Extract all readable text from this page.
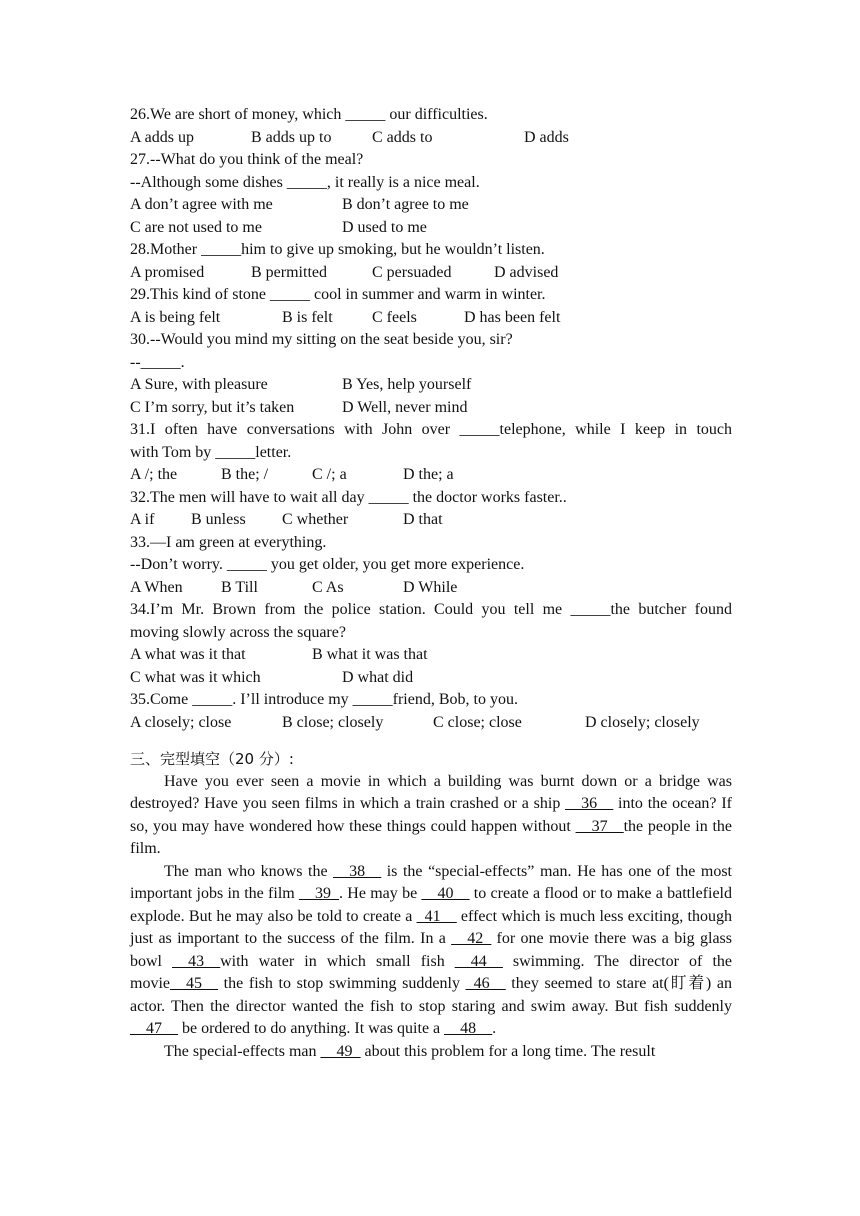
26.We are short of money, which _____ our difficulties.
A adds up	B adds up to	C adds to	D adds
27.--What do you think of the meal?
--Although some dishes _____, it really is a nice meal.
A don’t agree with me	B don’t agree to me
C are not used to me	D used to me
28.Mother _____him to give up smoking, but he wouldn’t listen.
A promised	B permitted	C persuaded	D advised
29.This kind of stone _____ cool in summer and warm in winter.
A is being felt	B is felt C feels	D has been felt
30.--Would you mind my sitting on the seat beside you, sir?
--_____.
A Sure, with pleasure	B Yes, help yourself
C I’m sorry, but it’s taken	D Well, never mind
31.I often have conversations with John over _____telephone, while I keep in touch
with Tom by _____letter.
A /; the	B the; /	C /; a	D the; a
32.The men will have to wait all day _____ the doctor works faster..
A if B unless C whether	D that
33.—I am green at everything.
--Don’t worry. _____ you get older, you get more experience.
A When B Till	C As	D While
34.I’m Mr. Brown from the police station. Could you tell me _____the butcher found
moving slowly across the square?
A what was it that	B what it was that
C what was it which	D what did
35.Come _____. I’ll introduce my _____friend, Bob, to you.
A closely; close	B close; closely	C close; close	D closely; closely
三、完型填空（20 分）:

Have you ever seen a movie in which a building was burnt down or a bridge was destroyed? Have you seen films in which a train crashed or a ship __36__ into the ocean? If so, you may have wondered how these things could happen without __37__the people in the film.

The man who knows the __38__ is the “special-effects” man. He has one of the most important jobs in the film __39_. He may be __40__ to create a flood or to make a battlefield explode. But he may also be told to create a _41__ effect which is much less exciting, though just as important to the success of the film. In a __42_ for one movie there was a big glass bowl __43__with water in which small fish __44__ swimming. The director of the movie__45__ the fish to stop swimming suddenly _46__ they seemed to stare at(盯着) an actor. Then the director wanted the fish to stop staring and swim away. But fish suddenly __47__ be ordered to do anything. It was quite a __48__.

The special-effects man __49_ about this problem for a long time. The result
